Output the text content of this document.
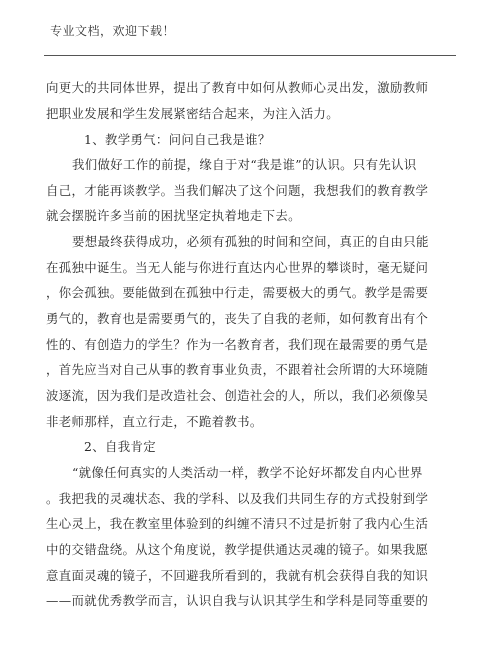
专业文档，欢迎下载！
向更大的共同体世界，提出了教育中如何从教师心灵出发，激励教师
把职业发展和学生发展紧密结合起来，为注入活力。
1、教学勇气：问问自己我是谁？
我们做好工作的前提，缘自于对“我是谁”的认识。只有先认识
自己，才能再谈教学。当我们解决了这个问题，我想我们的教育教学
就会摆脱许多当前的困扰坚定执着地走下去。
要想最终获得成功，必须有孤独的时间和空间，真正的自由只能
在孤独中诞生。当无人能与你进行直达内心世界的攀谈时，毫无疑问
，你会孤独。要能做到在孤独中行走，需要极大的勇气。教学是需要
勇气的，教育也是需要勇气的，丧失了自我的老师，如何教育出有个
性的、有创造力的学生？作为一名教育者，我们现在最需要的勇气是
，首先应当对自己从事的教育事业负责，不跟着社会所谓的大环境随
波逐流，因为我们是改造社会、创造社会的人，所以，我们必须像吴
非老师那样，直立行走，不跪着教书。
2、自我肯定
“就像任何真实的人类活动一样，教学不论好坏都发自内心世界
。我把我的灵魂状态、我的学科、以及我们共同生存的方式投射到学
生心灵上，我在教室里体验到的纠缠不清只不过是折射了我内心生活
中的交错盘绕。从这个角度说，教学提供通达灵魂的镜子。如果我愿
意直面灵魂的镜子，不回避我所看到的，我就有机会获得自我的知识
——而就优秀教学而言，认识自我与认识其学生和学科是同等重要的
